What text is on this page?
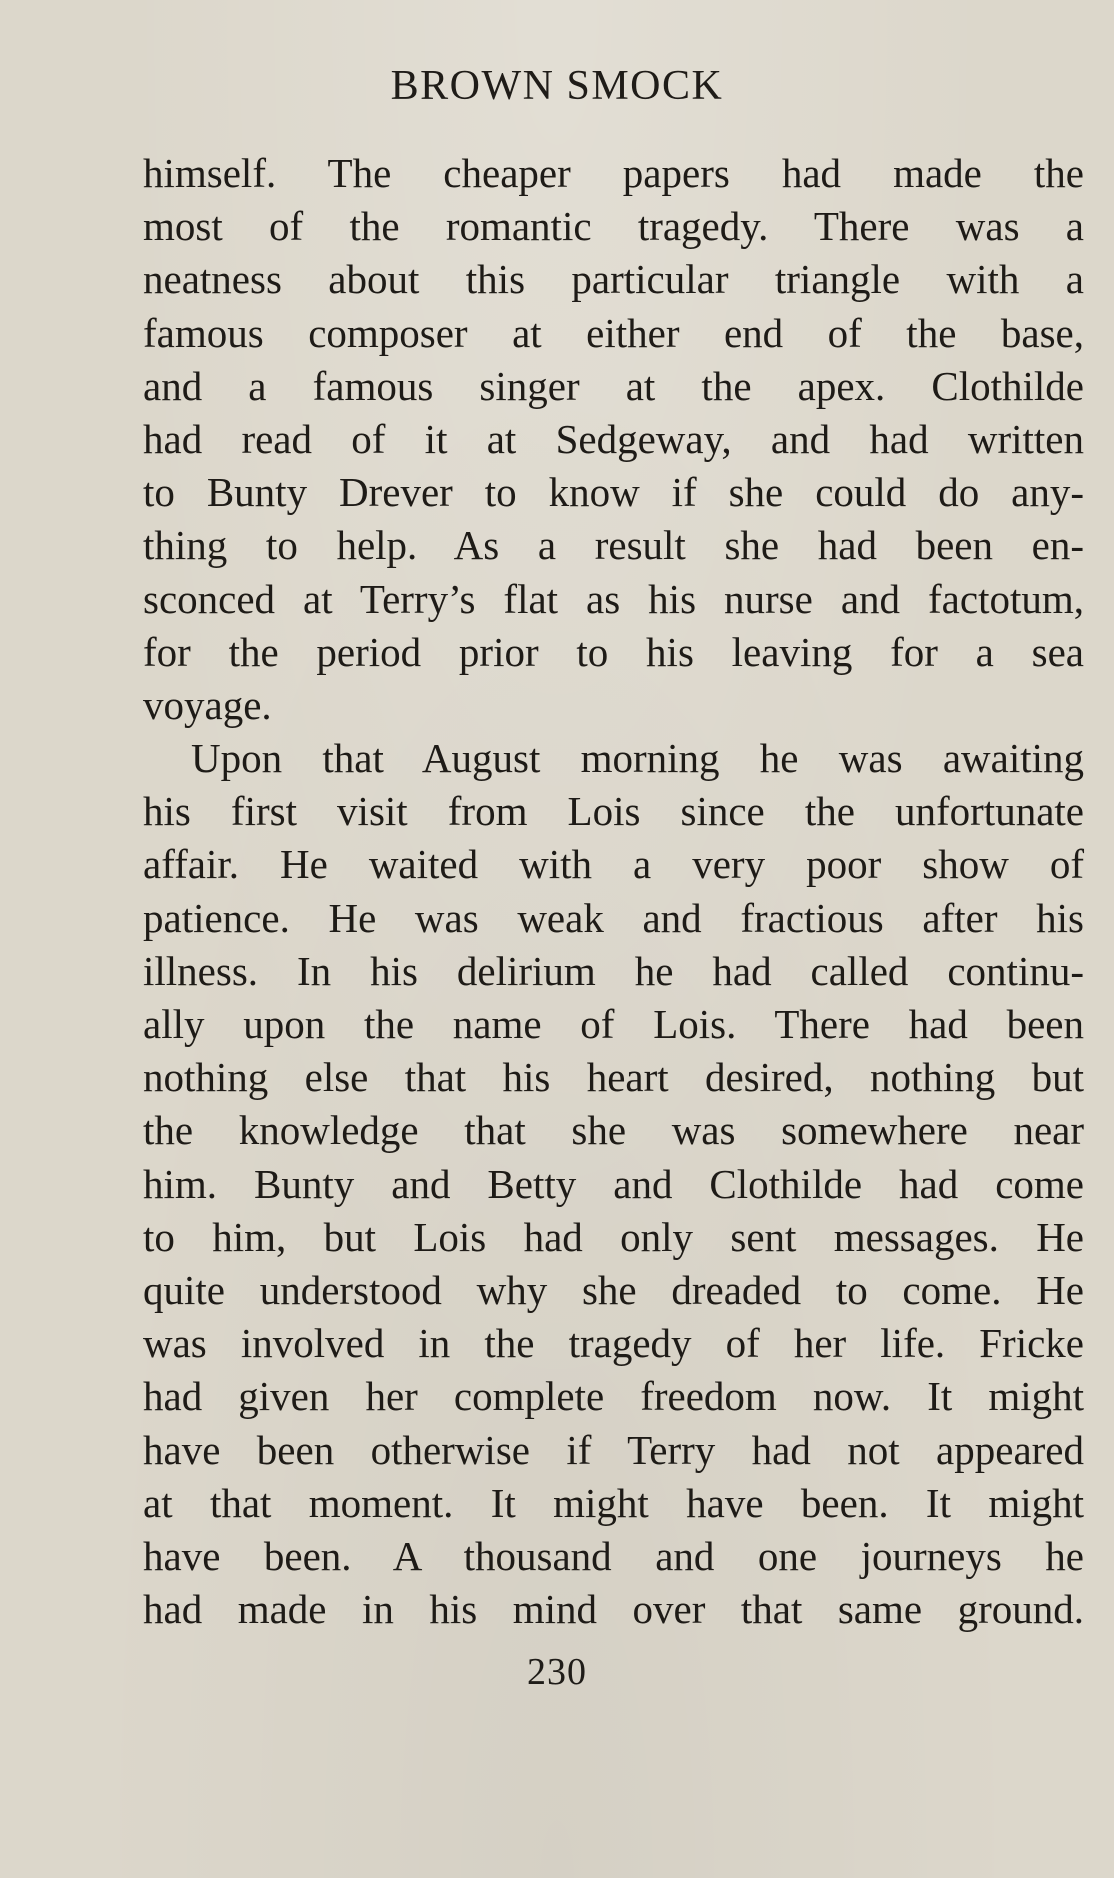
BROWN SMOCK
himself. The cheaper papers had made the
most of the romantic tragedy. There was a
neatness about this particular triangle with a
famous composer at either end of the base,
and a famous singer at the apex. Clothilde
had read of it at Sedgeway, and had written
to Bunty Drever to know if she could do any-
thing to help. As a result she had been en-
sconced at Terry’s flat as his nurse and factotum,
for the period prior to his leaving for a sea
voyage.
Upon that August morning he was awaiting
his first visit from Lois since the unfortunate
affair. He waited with a very poor show of
patience. He was weak and fractious after his
illness. In his delirium he had called continu-
ally upon the name of Lois. There had been
nothing else that his heart desired, nothing but
the knowledge that she was somewhere near
him. Bunty and Betty and Clothilde had come
to him, but Lois had only sent messages. He
quite understood why she dreaded to come. He
was involved in the tragedy of her life. Fricke
had given her complete freedom now. It might
have been otherwise if Terry had not appeared
at that moment. It might have been. It might
have been. A thousand and one journeys he
had made in his mind over that same ground.
230
